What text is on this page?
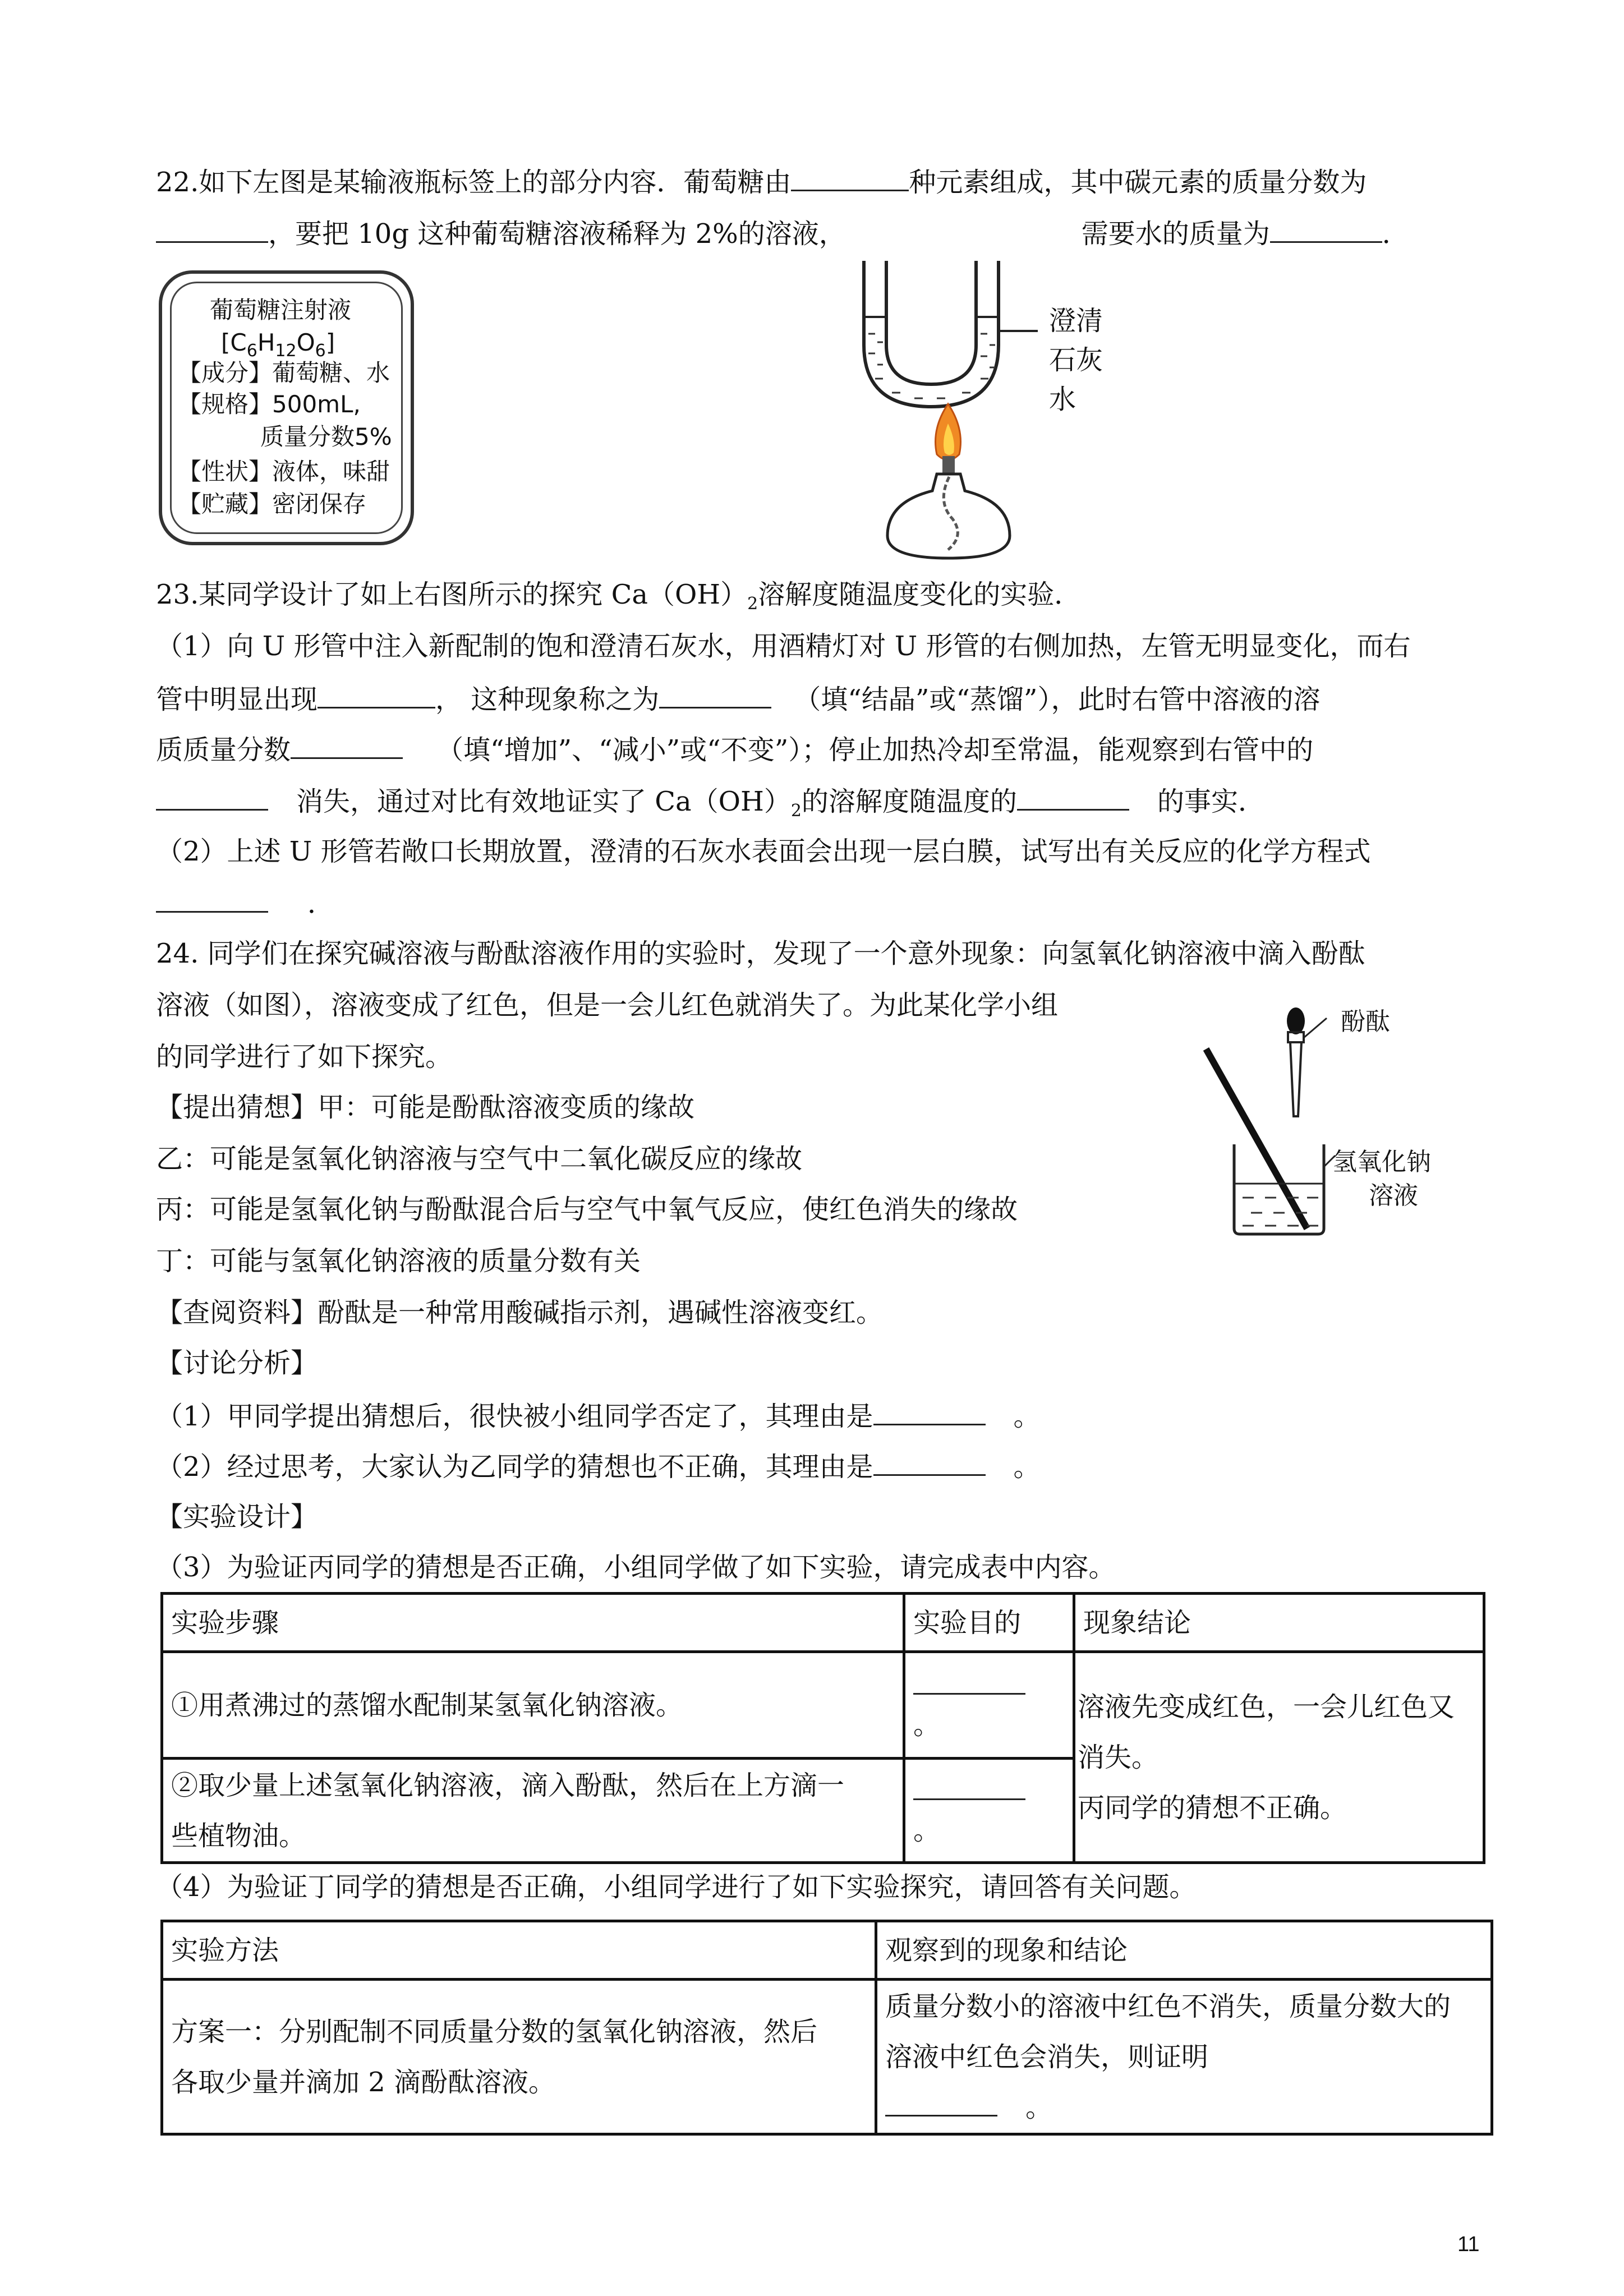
22.如下左图是某输液瓶标签上的部分内容．葡萄糖由	种元素组成，其中碳元素的质量分数为
，要把 10g 这种葡萄糖溶液稀释为 2%的溶液，	需要水的质量为	．
葡萄糖注射液
$[C_6H_{12}O_6]$
【成分】葡萄糖、水
【规格】500mL,
质量分数5%
【性状】液体，味甜
【贮藏】密闭保存
澄清
石灰
水
23.某同学设计了如上右图所示的探究 $Ca(OH)_2$溶解度随温度变化的实验．
（1）向 U 形管中注入新配制的饱和澄清石灰水，用酒精灯对 U 形管的右侧加热，左管无明显变化，而右
管中明显出现	， 这种现象称之为	（填“结晶”或“蒸馏”），此时右管中溶液的溶
质质量分数	（填“增加”、“减小”或“不变”）；停止加热冷却至常温，能观察到右管中的
消失，通过对比有效地证实了 $Ca(OH)_2$的溶解度随温度的	的事实．
（2）上述 U 形管若敞口长期放置，澄清的石灰水表面会出现一层白膜，试写出有关反应的化学方程式
．
24. 同学们在探究碱溶液与酚酞溶液作用的实验时，发现了一个意外现象：向氢氧化钠溶液中滴入酚酞
溶液（如图），溶液变成了红色，但是一会儿红色就消失了。为此某化学小组
的同学进行了如下探究。
【提出猜想】甲：可能是酚酞溶液变质的缘故
乙：可能是氢氧化钠溶液与空气中二氧化碳反应的缘故
丙：可能是氢氧化钠与酚酞混合后与空气中氧气反应，使红色消失的缘故
丁：可能与氢氧化钠溶液的质量分数有关
【查阅资料】酚酞是一种常用酸碱指示剂，遇碱性溶液变红。
【讨论分析】
（1）甲同学提出猜想后，很快被小组同学否定了，其理由是	。
（2）经过思考，大家认为乙同学的猜想也不正确，其理由是	。
【实验设计】
（3）为验证丙同学的猜想是否正确，小组同学做了如下实验，请完成表中内容。
酚酞
氢氧化钠
溶液
实验步骤	实验目的	现象结论
①用煮沸过的蒸馏水配制某氢氧化钠溶液。	。	溶液先变成红色，一会儿红色又
消失。
丙同学的猜想不正确。
②取少量上述氢氧化钠溶液，滴入酚酞，然后在上方滴一
些植物油。	。	
（4）为验证丁同学的猜想是否正确，小组同学进行了如下实验探究，请回答有关问题。
实验方法	观察到的现象和结论
方案一：分别配制不同质量分数的氢氧化钠溶液，然后
各取少量并滴加 2 滴酚酞溶液。	质量分数小的溶液中红色不消失，质量分数大的
溶液中红色会消失，则证明
。
11
